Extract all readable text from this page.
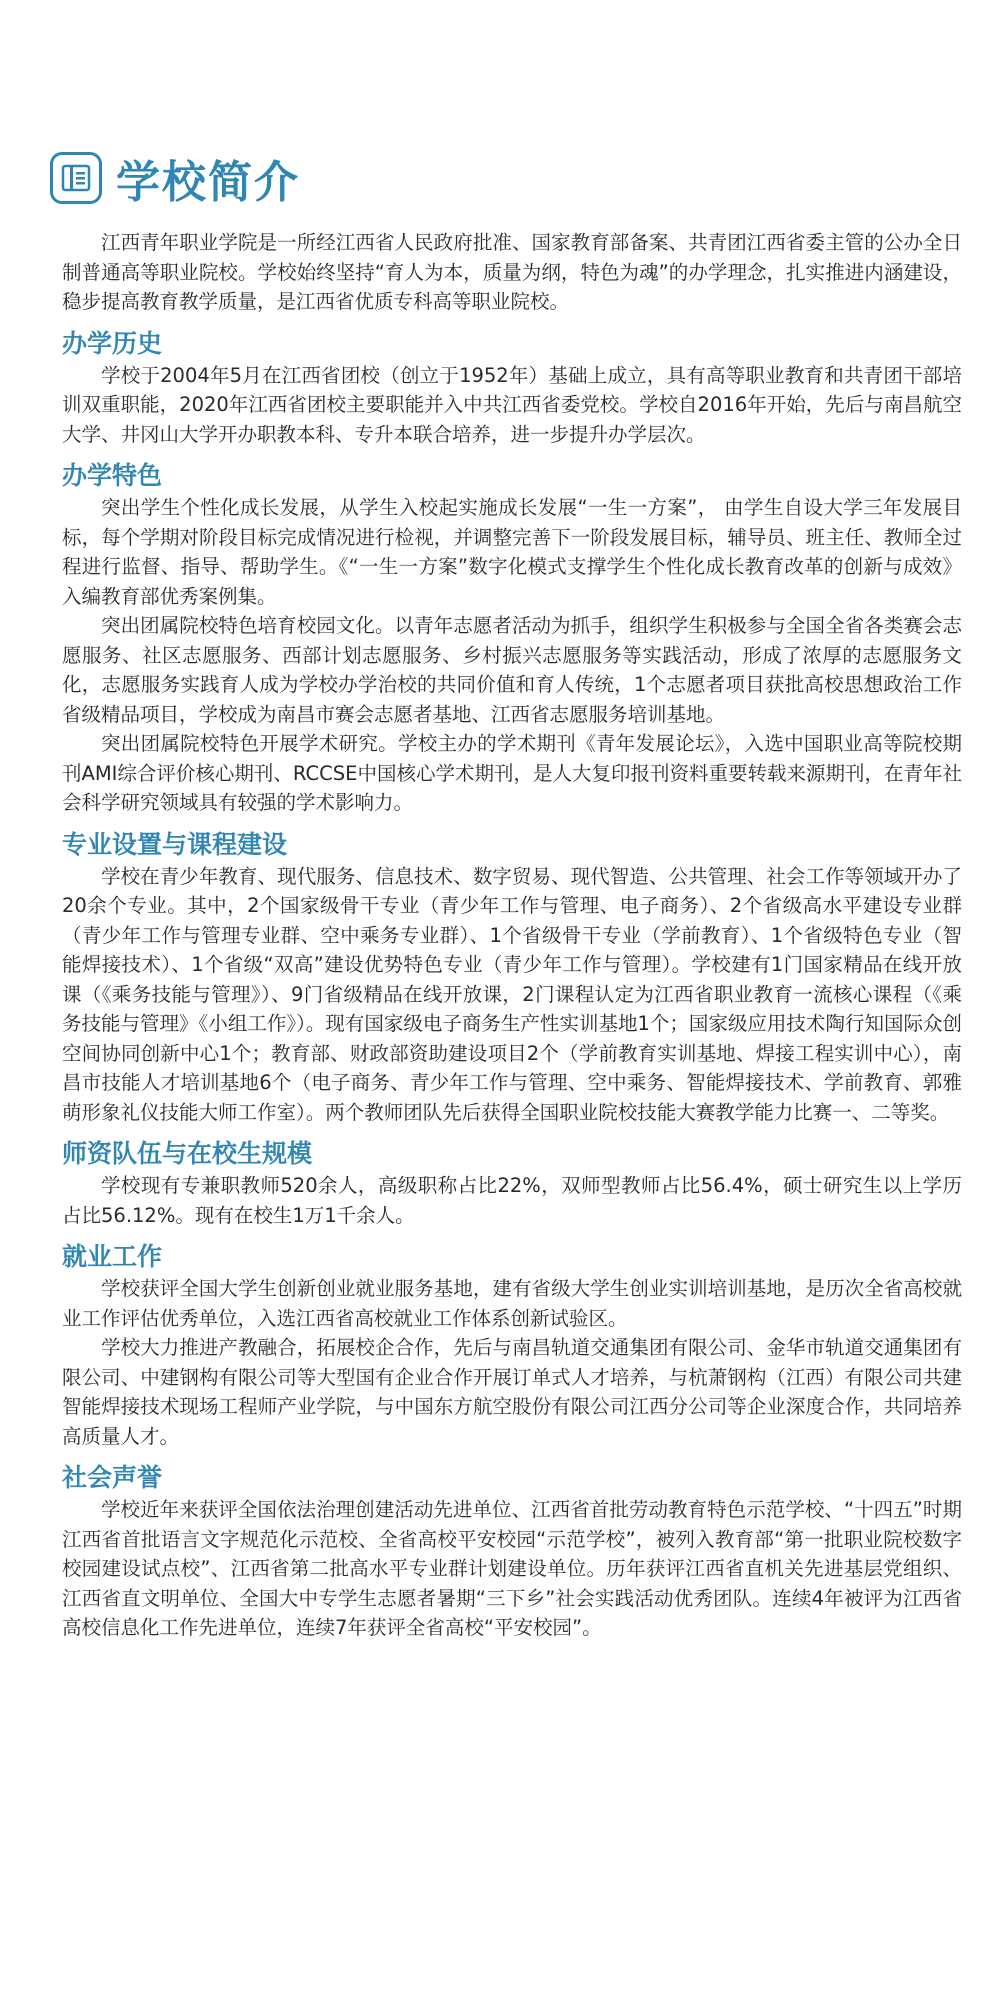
学校简介

江西青年职业学院是一所经江西省人民政府批准、国家教育部备案、共青团江西省委主管的公办全日制普通高等职业院校。学校始终坚持“育人为本，质量为纲，特色为魂”的办学理念，扎实推进内涵建设，稳步提高教育教学质量，是江西省优质专科高等职业院校。

办学历史

学校于2004年5月在江西省团校（创立于1952年）基础上成立，具有高等职业教育和共青团干部培训双重职能，2020年江西省团校主要职能并入中共江西省委党校。学校自2016年开始，先后与南昌航空大学、井冈山大学开办职教本科、专升本联合培养，进一步提升办学层次。

办学特色

突出学生个性化成长发展，从学生入校起实施成长发展“一生一方案”， 由学生自设大学三年发展目标，每个学期对阶段目标完成情况进行检视，并调整完善下一阶段发展目标，辅导员、班主任、教师全过程进行监督、指导、帮助学生。《“一生一方案”数字化模式支撑学生个性化成长教育改革的创新与成效》入编教育部优秀案例集。

突出团属院校特色培育校园文化。以青年志愿者活动为抓手，组织学生积极参与全国全省各类赛会志愿服务、社区志愿服务、西部计划志愿服务、乡村振兴志愿服务等实践活动，形成了浓厚的志愿服务文化，志愿服务实践育人成为学校办学治校的共同价值和育人传统，1个志愿者项目获批高校思想政治工作省级精品项目，学校成为南昌市赛会志愿者基地、江西省志愿服务培训基地。

突出团属院校特色开展学术研究。学校主办的学术期刊《青年发展论坛》，入选中国职业高等院校期刊AMI综合评价核心期刊、RCCSE中国核心学术期刊，是人大复印报刊资料重要转载来源期刊，在青年社会科学研究领域具有较强的学术影响力。

专业设置与课程建设

学校在青少年教育、现代服务、信息技术、数字贸易、现代智造、公共管理、社会工作等领域开办了20余个专业。其中，2个国家级骨干专业（青少年工作与管理、电子商务）、2个省级高水平建设专业群（青少年工作与管理专业群、空中乘务专业群）、1个省级骨干专业（学前教育）、1个省级特色专业（智能焊接技术）、1个省级“双高”建设优势特色专业（青少年工作与管理）。学校建有1门国家精品在线开放课（《乘务技能与管理》）、9门省级精品在线开放课，2门课程认定为江西省职业教育一流核心课程（《乘务技能与管理》《小组工作》）。现有国家级电子商务生产性实训基地1个；国家级应用技术陶行知国际众创空间协同创新中心1个；教育部、财政部资助建设项目2个（学前教育实训基地、焊接工程实训中心），南昌市技能人才培训基地6个（电子商务、青少年工作与管理、空中乘务、智能焊接技术、学前教育、郭雅萌形象礼仪技能大师工作室）。两个教师团队先后获得全国职业院校技能大赛教学能力比赛一、二等奖。

师资队伍与在校生规模

学校现有专兼职教师520余人，高级职称占比22%，双师型教师占比56.4%，硕士研究生以上学历占比56.12%。现有在校生1万1千余人。

就业工作

学校获评全国大学生创新创业就业服务基地，建有省级大学生创业实训培训基地，是历次全省高校就业工作评估优秀单位，入选江西省高校就业工作体系创新试验区。

学校大力推进产教融合，拓展校企合作，先后与南昌轨道交通集团有限公司、金华市轨道交通集团有限公司、中建钢构有限公司等大型国有企业合作开展订单式人才培养，与杭萧钢构（江西）有限公司共建智能焊接技术现场工程师产业学院，与中国东方航空股份有限公司江西分公司等企业深度合作，共同培养高质量人才。

社会声誉

学校近年来获评全国依法治理创建活动先进单位、江西省首批劳动教育特色示范学校、“十四五”时期江西省首批语言文字规范化示范校、全省高校平安校园“示范学校”，被列入教育部“第一批职业院校数字校园建设试点校”、江西省第二批高水平专业群计划建设单位。历年获评江西省直机关先进基层党组织、江西省直文明单位、全国大中专学生志愿者暑期“三下乡”社会实践活动优秀团队。连续4年被评为江西省高校信息化工作先进单位，连续7年获评全省高校“平安校园”。
